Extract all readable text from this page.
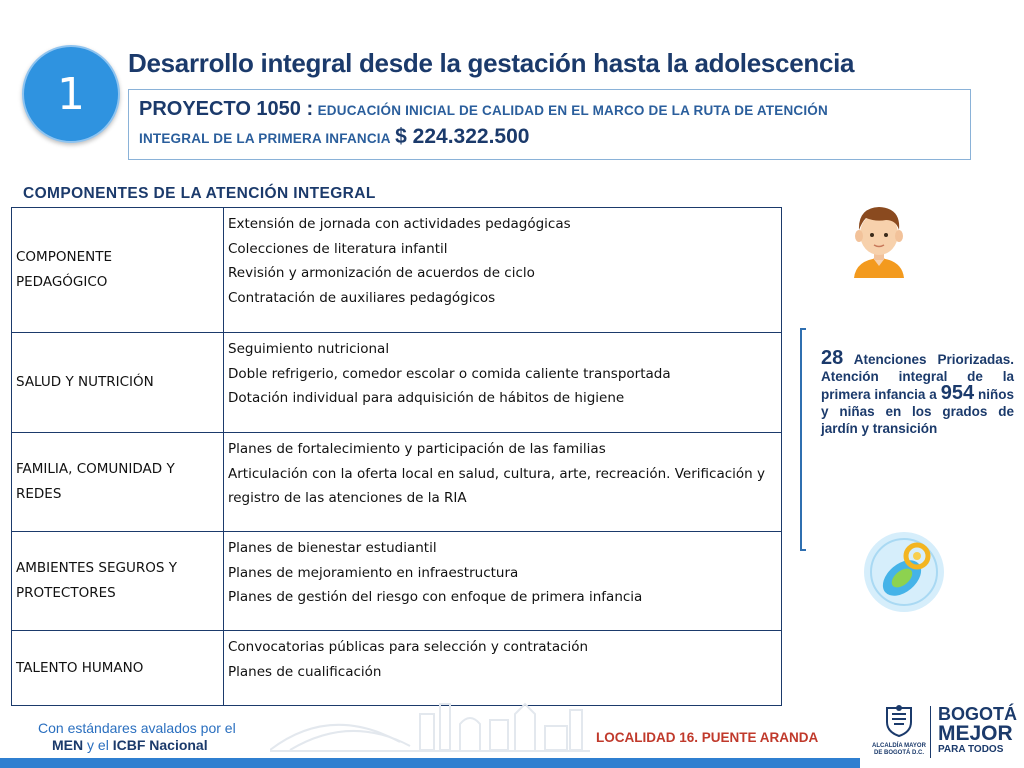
1
Desarrollo integral desde la gestación hasta la adolescencia
PROYECTO 1050 : EDUCACIÓN INICIAL DE CALIDAD EN EL MARCO DE LA RUTA DE ATENCIÓN
INTEGRAL DE LA PRIMERA INFANCIA $ 224.322.500
COMPONENTES DE LA ATENCIÓN INTEGRAL
COMPONENTE
PEDAGÓGICO	Extensión de jornada con actividades pedagógicas
Colecciones de literatura infantil
Revisión y armonización de acuerdos de ciclo
Contratación de auxiliares pedagógicos

SALUD Y NUTRICIÓN	Seguimiento nutricional
Doble refrigerio, comedor escolar o comida caliente transportada
Dotación individual para adquisición de hábitos de higiene

FAMILIA, COMUNIDAD Y
REDES	Planes de fortalecimiento y participación de las familias
Articulación con la oferta local en salud, cultura, arte, recreación. Verificación y
registro de las atenciones de la RIA

AMBIENTES SEGUROS Y
PROTECTORES	Planes de bienestar estudiantil
Planes de mejoramiento en infraestructura
Planes de gestión del riesgo con enfoque de primera infancia

TALENTO HUMANO	Convocatorias públicas para selección y contratación
Planes de cualificación
28 Atenciones Priorizadas.
Atención integral de la primera infancia a 954 niños y niñas en los grados de jardín y transición
Con estándares avalados por el
MEN y el ICBF Nacional	LOCALIDAD 16. PUENTE ARANDA
ALCALDÍA MAYOR
DE BOGOTÁ D.C.
BOGOTÁ
MEJOR
PARA TODOS
